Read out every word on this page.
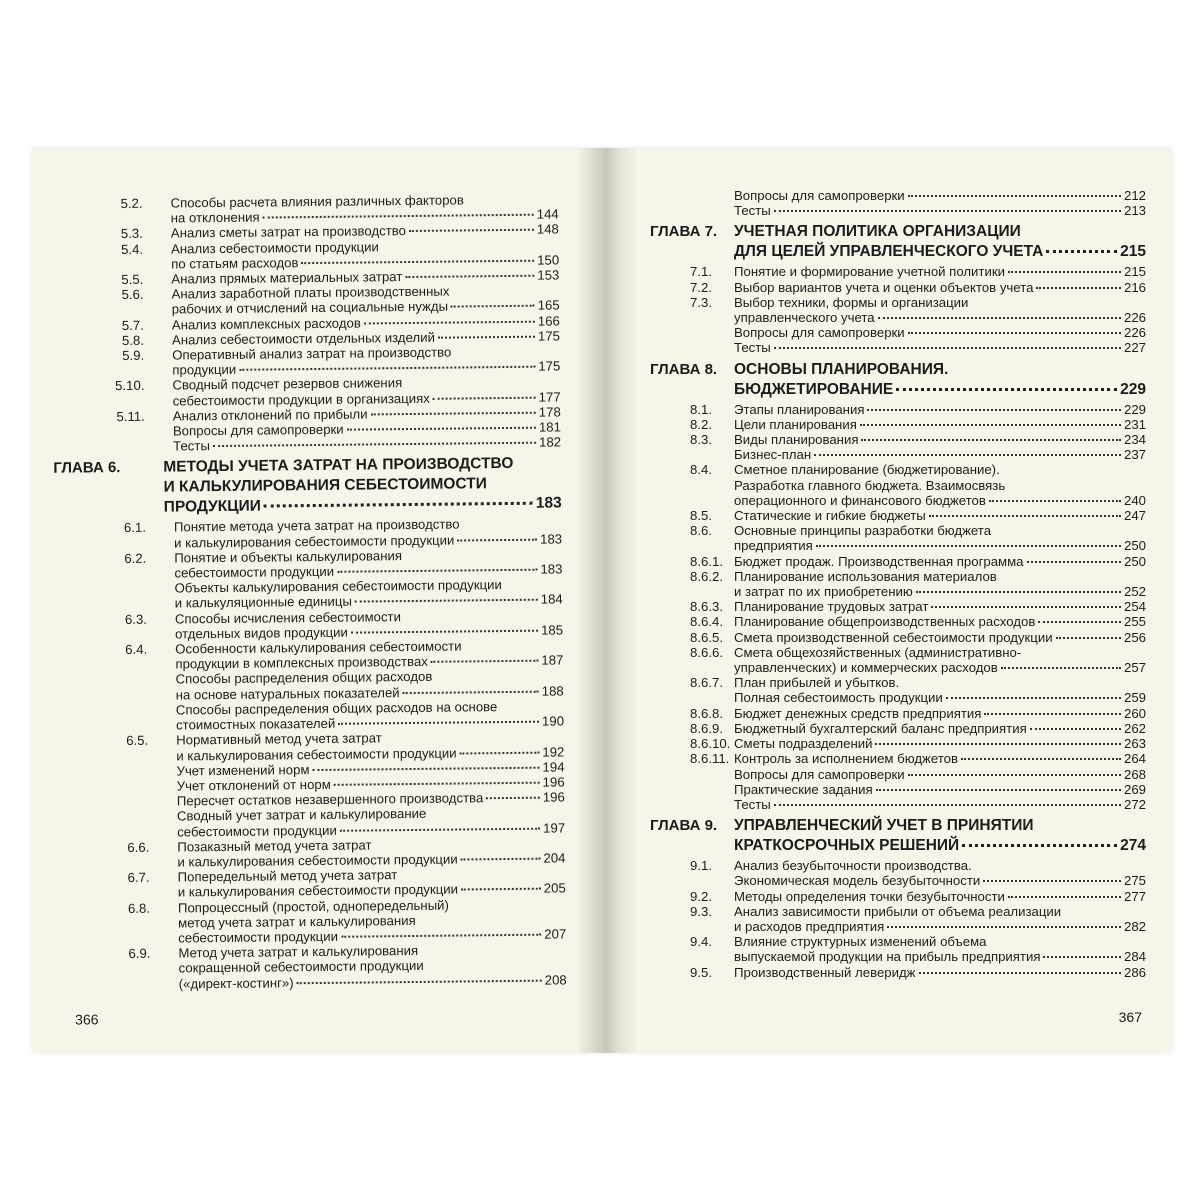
5.2. Способы расчета влияния различных факторов
на отклонения	144
5.3. Анализ сметы затрат на производство	148
5.4. Анализ себестоимости продукции
по статьям расходов	150
5.5. Анализ прямых материальных затрат	153
5.6. Анализ заработной платы производственных
рабочих и отчислений на социальные нужды	165
5.7. Анализ комплексных расходов	166
5.8. Анализ себестоимости отдельных изделий	175
5.9. Оперативный анализ затрат на производство
продукции	175
5.10. Сводный подсчет резервов снижения
себестоимости продукции в организациях	177
5.11. Анализ отклонений по прибыли	178
Вопросы для самопроверки	181
Тесты	182
ГЛАВА 6.	МЕТОДЫ УЧЕТА ЗАТРАТ НА ПРОИЗВОДСТВО
И КАЛЬКУЛИРОВАНИЯ СЕБЕСТОИМОСТИ
ПРОДУКЦИИ	183
6.1. Понятие метода учета затрат на производство
и калькулирования себестоимости продукции	183
6.2. Понятие и объекты калькулирования
себестоимости продукции	183
Объекты калькулирования себестоимости продукции
и калькуляционные единицы	184
6.3. Способы исчисления себестоимости
отдельных видов продукции	185
6.4. Особенности калькулирования себестоимости
продукции в комплексных производствах	187
Способы распределения общих расходов
на основе натуральных показателей	188
Способы распределения общих расходов на основе
стоимостных показателей	190
6.5. Нормативный метод учета затрат
и калькулирования себестоимости продукции	192
Учет изменений норм	194
Учет отклонений от норм	196
Пересчет остатков незавершенного производства	196
Сводный учет затрат и калькулирование
себестоимости продукции	197
6.6. Позаказный метод учета затрат
и калькулирования себестоимости продукции	204
6.7. Попередельный метод учета затрат
и калькулирования себестоимости продукции	205
6.8. Попроцессный (простой, однопередельный)
метод учета затрат и калькулирования
себестоимости продукции	207
6.9. Метод учета затрат и калькулирования
сокращенной себестоимости продукции
(«директ-костинг»)	208
366
Вопросы для самопроверки	212
Тесты	213
ГЛАВА 7. УЧЕТНАЯ ПОЛИТИКА ОРГАНИЗАЦИИ
ДЛЯ ЦЕЛЕЙ УПРАВЛЕНЧЕСКОГО УЧЕТА	215
7.1.	Понятие и формирование учетной политики	215
7.2.	Выбор вариантов учета и оценки объектов учета	216
7.3.	Выбор техники, формы и организации
управленческого учета	226
Вопросы для самопроверки	226
Тесты	227
ГЛАВА 8. ОСНОВЫ ПЛАНИРОВАНИЯ.
БЮДЖЕТИРОВАНИЕ	229
8.1.	Этапы планирования	229
8.2.	Цели планирования	231
8.3.	Виды планирования	234
Бизнес-план	237
8.4.	Сметное планирование (бюджетирование).
Разработка главного бюджета. Взаимосвязь
операционного и финансового бюджетов	240
8.5.	Статические и гибкие бюджеты	247
8.6.	Основные принципы разработки бюджета
предприятия	250
8.6.1. Бюджет продаж. Производственная программа	250
8.6.2. Планирование использования материалов
и затрат по их приобретению	252
8.6.3. Планирование трудовых затрат	254
8.6.4. Планирование общепроизводственных расходов	255
8.6.5. Смета производственной себестоимости продукции	256
8.6.6. Смета общехозяйственных (административно-
управленческих) и коммерческих расходов	257
8.6.7. План прибылей и убытков.
Полная себестоимость продукции	259
8.6.8. Бюджет денежных средств предприятия	260
8.6.9. Бюджетный бухгалтерский баланс предприятия	262
8.6.10. Сметы подразделений	263
8.6.11. Контроль за исполнением бюджетов	264
Вопросы для самопроверки	268
Практические задания	269
Тесты	272
ГЛАВА 9. УПРАВЛЕНЧЕСКИЙ УЧЕТ В ПРИНЯТИИ
КРАТКОСРОЧНЫХ РЕШЕНИЙ	274
9.1.	Анализ безубыточности производства.
Экономическая модель безубыточности	275
9.2.	Методы определения точки безубыточности	277
9.3.	Анализ зависимости прибыли от объема реализации
и расходов предприятия	282
9.4.	Влияние структурных изменений объема
выпускаемой продукции на прибыль предприятия	284
9.5.	Производственный леверидж	286
367
